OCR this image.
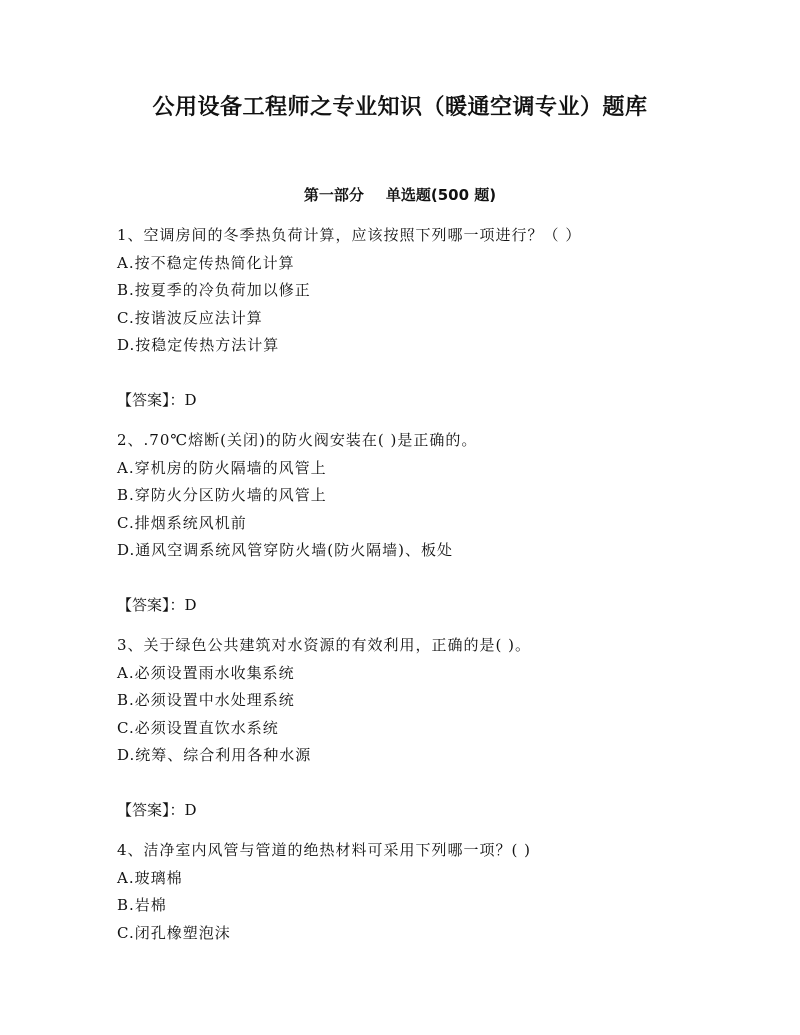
公用设备工程师之专业知识（暖通空调专业）题库
第一部分 单选题(500 题)
1、空调房间的冬季热负荷计算，应该按照下列哪一项进行？（ ）
A.按不稳定传热简化计算
B.按夏季的冷负荷加以修正
C.按谐波反应法计算
D.按稳定传热方法计算
【答案】：D
2、.70℃熔断(关闭)的防火阀安装在( )是正确的。
A.穿机房的防火隔墙的风管上
B.穿防火分区防火墙的风管上
C.排烟系统风机前
D.通风空调系统风管穿防火墙(防火隔墙)、板处
【答案】：D
3、关于绿色公共建筑对水资源的有效利用，正确的是( )。
A.必须设置雨水收集系统
B.必须设置中水处理系统
C.必须设置直饮水系统
D.统筹、综合利用各种水源
【答案】：D
4、洁净室内风管与管道的绝热材料可采用下列哪一项？( )
A.玻璃棉
B.岩棉
C.闭孔橡塑泡沫
